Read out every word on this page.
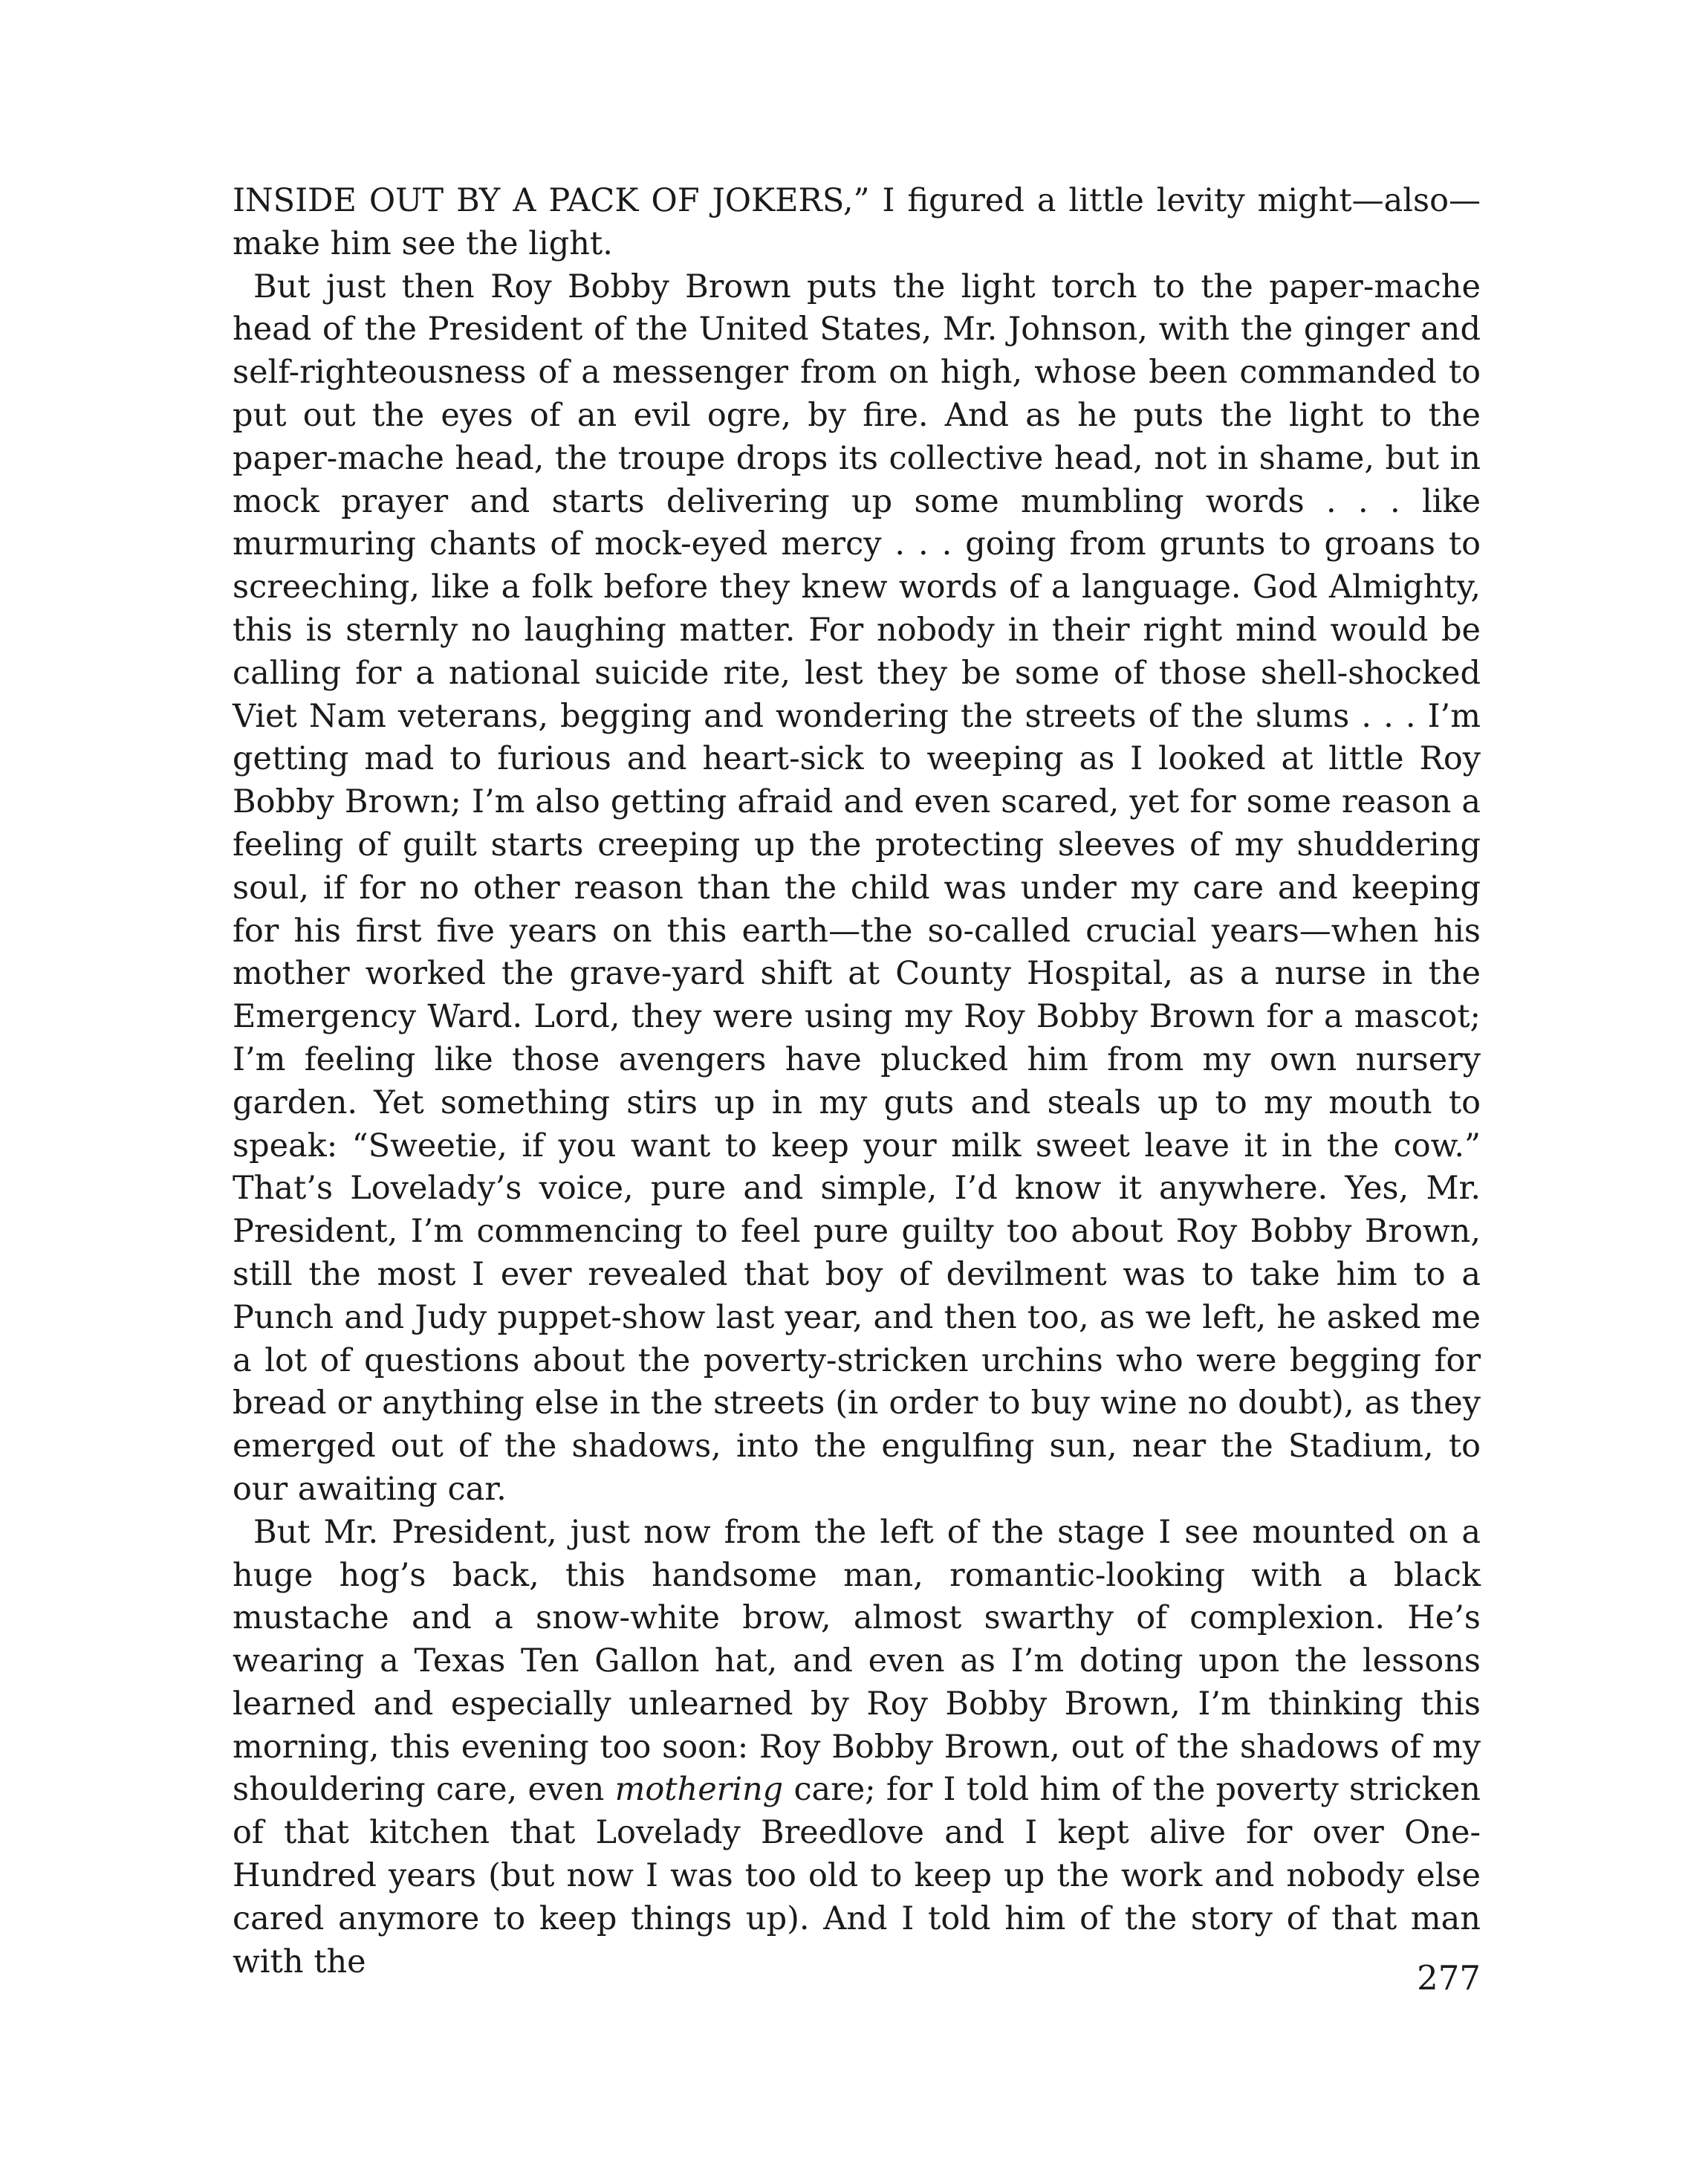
INSIDE OUT BY A PACK OF JOKERS,” I figured a little levity might—also—make him see the light.

But just then Roy Bobby Brown puts the light torch to the paper-mache head of the President of the United States, Mr. Johnson, with the ginger and self-righteousness of a messenger from on high, whose been commanded to put out the eyes of an evil ogre, by fire. And as he puts the light to the paper-mache head, the troupe drops its collective head, not in shame, but in mock prayer and starts delivering up some mumbling words . . . like murmuring chants of mock-eyed mercy . . . going from grunts to groans to screeching, like a folk before they knew words of a language. God Almighty, this is sternly no laughing matter. For nobody in their right mind would be calling for a national suicide rite, lest they be some of those shell-shocked Viet Nam veterans, begging and wondering the streets of the slums . . . I’m getting mad to furious and heart-sick to weeping as I looked at little Roy Bobby Brown; I’m also getting afraid and even scared, yet for some reason a feeling of guilt starts creeping up the protecting sleeves of my shuddering soul, if for no other reason than the child was under my care and keeping for his first five years on this earth—the so-called crucial years—when his mother worked the grave-yard shift at County Hospital, as a nurse in the Emergency Ward. Lord, they were using my Roy Bobby Brown for a mascot; I’m feeling like those avengers have plucked him from my own nursery garden. Yet something stirs up in my guts and steals up to my mouth to speak: “Sweetie, if you want to keep your milk sweet leave it in the cow.” That’s Lovelady’s voice, pure and simple, I’d know it anywhere. Yes, Mr. President, I’m commencing to feel pure guilty too about Roy Bobby Brown, still the most I ever revealed that boy of devilment was to take him to a Punch and Judy puppet-show last year, and then too, as we left, he asked me a lot of questions about the poverty-stricken urchins who were begging for bread or anything else in the streets (in order to buy wine no doubt), as they emerged out of the shadows, into the engulfing sun, near the Stadium, to our awaiting car.

But Mr. President, just now from the left of the stage I see mounted on a huge hog’s back, this handsome man, romantic-looking with a black mustache and a snow-white brow, almost swarthy of complexion. He’s wearing a Texas Ten Gallon hat, and even as I’m doting upon the lessons learned and especially unlearned by Roy Bobby Brown, I’m thinking this morning, this evening too soon: Roy Bobby Brown, out of the shadows of my shouldering care, even mothering care; for I told him of the poverty stricken of that kitchen that Lovelady Breedlove and I kept alive for over One-Hundred years (but now I was too old to keep up the work and nobody else cared anymore to keep things up). And I told him of the story of that man with the	277
